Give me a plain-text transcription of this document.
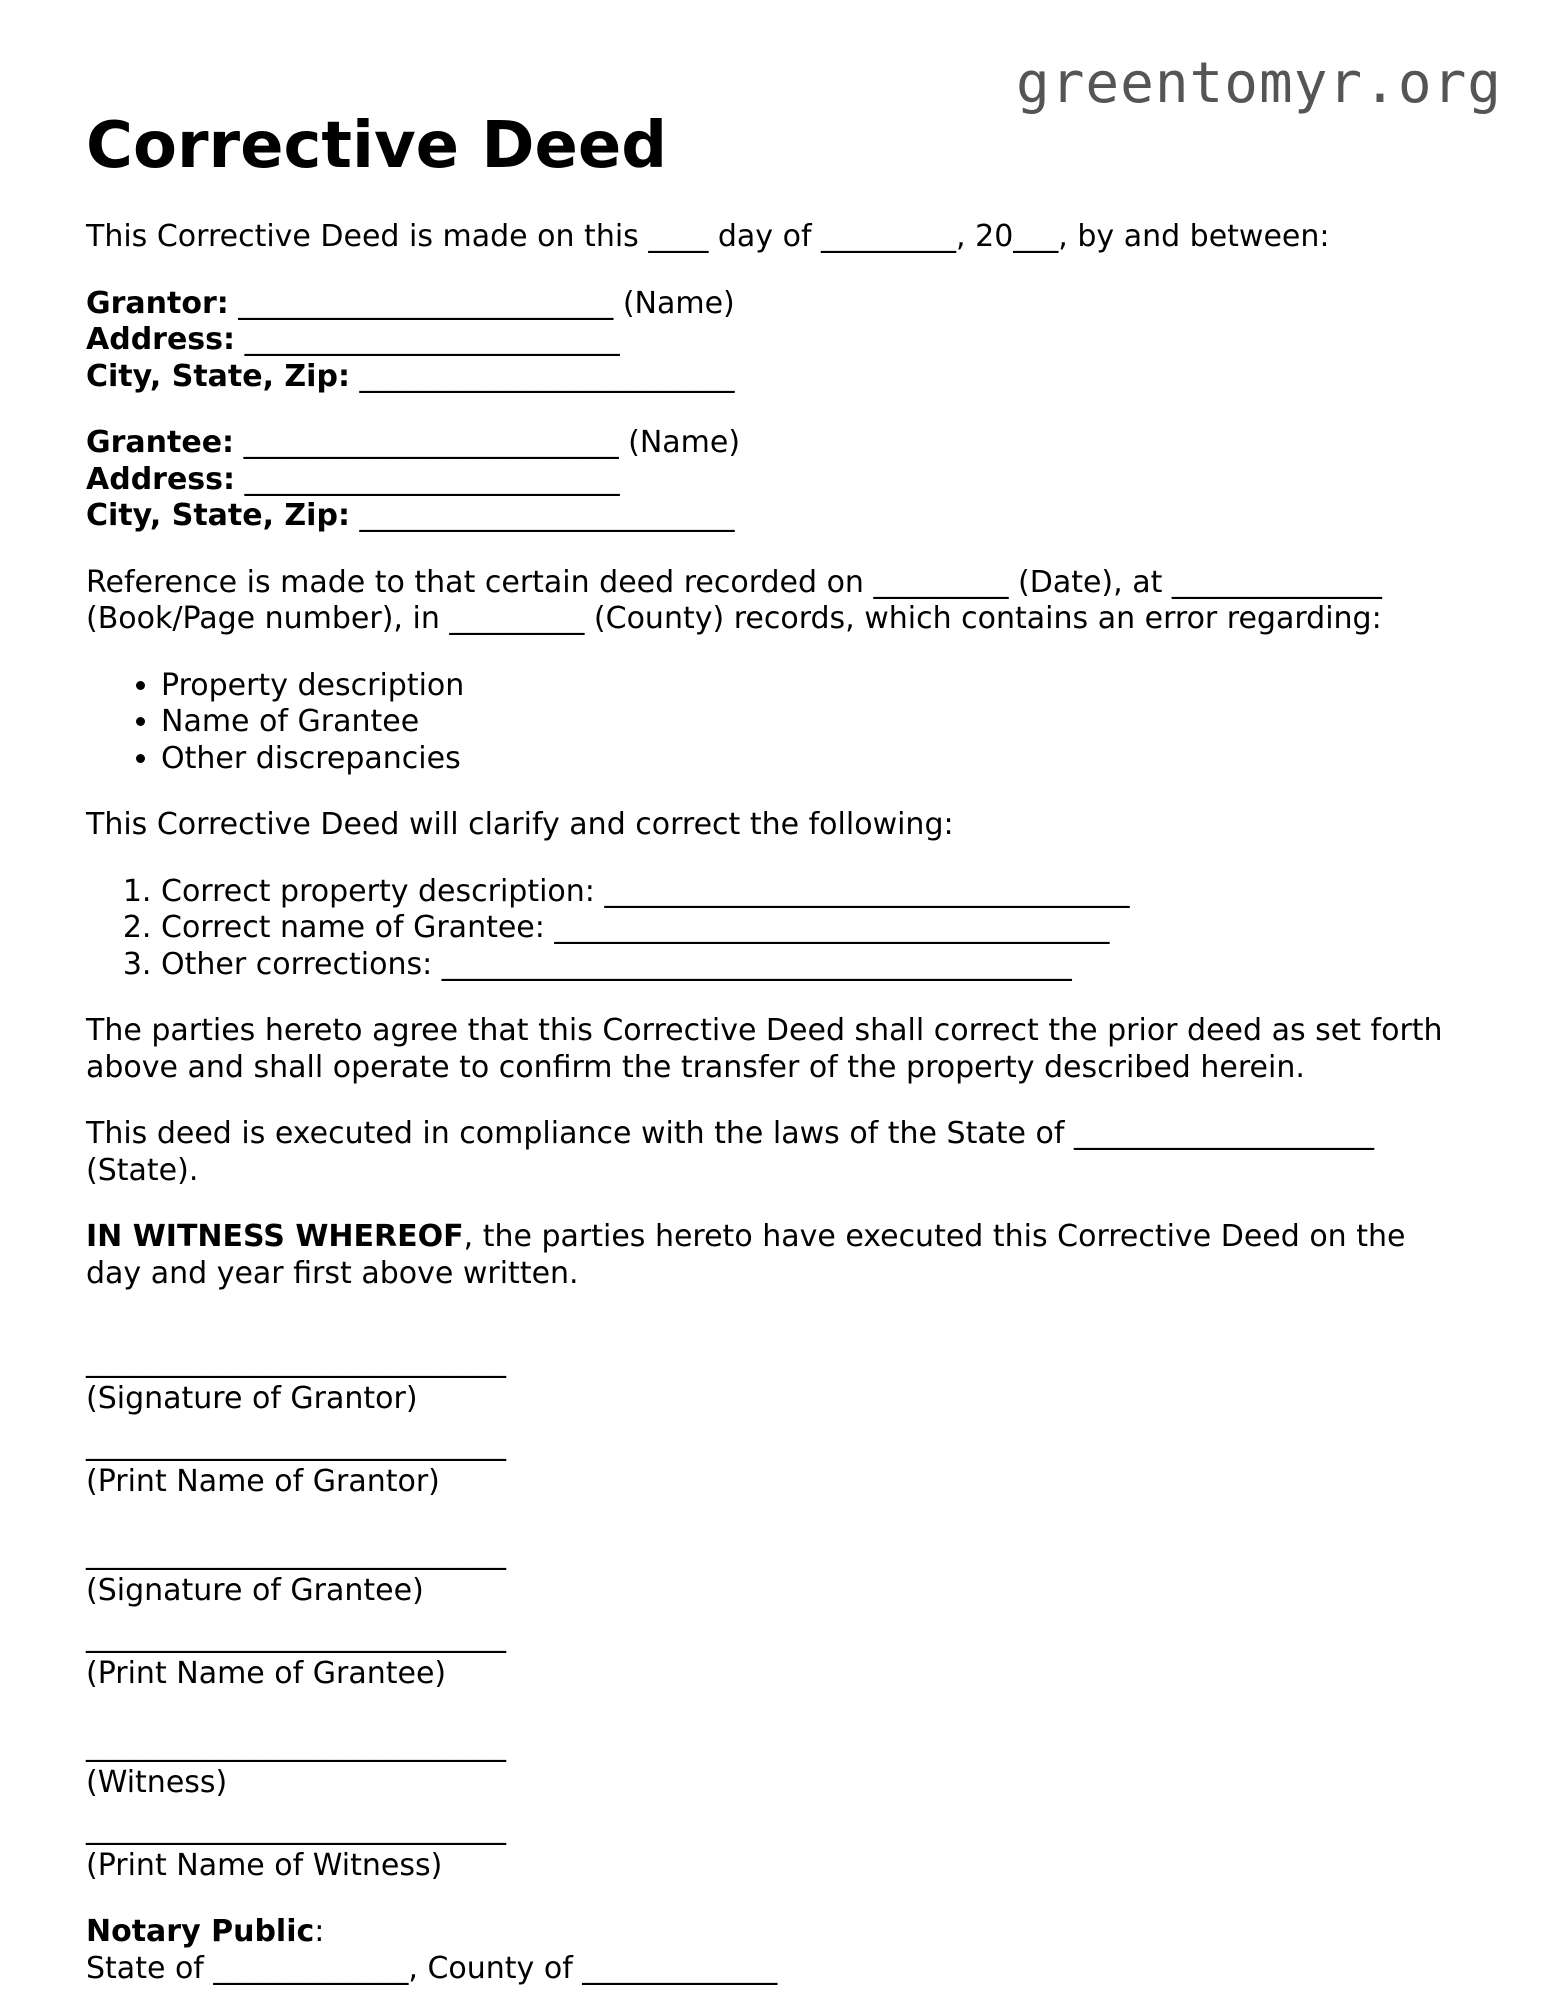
greentomyr.org
Corrective Deed

This Corrective Deed is made on this ____ day of _________, 20___, by and between:

Grantor: _________________________ (Name)
Address: _________________________
City, State, Zip: _________________________
Grantee: _________________________ (Name)
Address: _________________________
City, State, Zip: _________________________
Reference is made to that certain deed recorded on _________ (Date), at ______________
(Book/Page number), in _________ (County) records, which contains an error regarding:
• Property description
• Name of Grantee
• Other discrepancies

This Corrective Deed will clarify and correct the following:

1. Correct property description: ___________________________________
2. Correct name of Grantee: _____________________________________
3. Other corrections: __________________________________________
The parties hereto agree that this Corrective Deed shall correct the prior deed as set forth
above and shall operate to confirm the transfer of the property described herein.
This deed is executed in compliance with the laws of the State of ____________________
(State).
IN WITNESS WHEREOF, the parties hereto have executed this Corrective Deed on the
day and year first above written.
____________________________
(Signature of Grantor)
____________________________
(Print Name of Grantor)
____________________________
(Signature of Grantee)
____________________________
(Print Name of Grantee)
____________________________
(Witness)
____________________________
(Print Name of Witness)
Notary Public:
State of _____________, County of _____________
